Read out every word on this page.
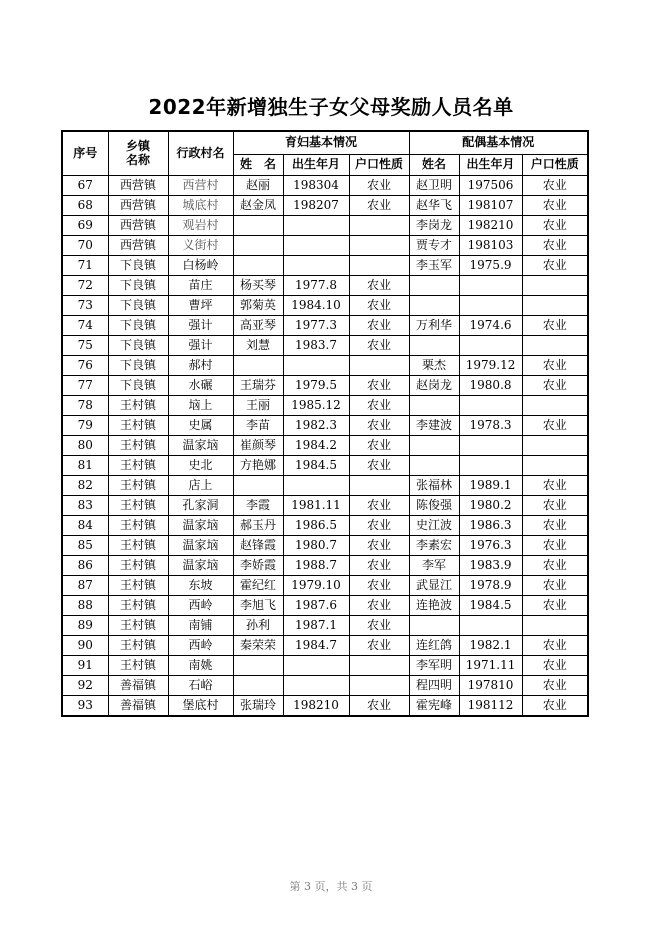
2022年新增独生子女父母奖励人员名单
序号	乡镇
名称	行政村名	育妇基本情况			配偶基本情况		
			姓　名	出生年月	户口性质	姓名	出生年月	户口性质
67	西营镇	西营村	赵丽	198304	农业	赵卫明	197506	农业
68	西营镇	城底村	赵金凤	198207	农业	赵华飞	198107	农业
69	西营镇	观岩村				李岗龙	198210	农业
70	西营镇	义街村				贾专才	198103	农业
71	下良镇	白杨岭				李玉军	1975.9	农业
72	下良镇	苗庄	杨买琴	1977.8	农业			
73	下良镇	曹坪	郭菊英	1984.10	农业			
74	下良镇	强计	高亚琴	1977.3	农业	万利华	1974.6	农业
75	下良镇	强计	刘慧	1983.7	农业			
76	下良镇	郝村				栗杰	1979.12	农业
77	下良镇	水碾	王瑞芬	1979.5	农业	赵岗龙	1980.8	农业
78	王村镇	垴上	王丽	1985.12	农业			
79	王村镇	史属	李苗	1982.3	农业	李建波	1978.3	农业
80	王村镇	温家垴	崔颜琴	1984.2	农业			
81	王村镇	史北	方艳娜	1984.5	农业			
82	王村镇	店上				张福林	1989.1	农业
83	王村镇	孔家洞	李霞	1981.11	农业	陈俊强	1980.2	农业
84	王村镇	温家垴	郝玉丹	1986.5	农业	史江波	1986.3	农业
85	王村镇	温家垴	赵锋霞	1980.7	农业	李素宏	1976.3	农业
86	王村镇	温家垴	李娇霞	1988.7	农业	李军	1983.9	农业
87	王村镇	东坡	霍纪红	1979.10	农业	武显江	1978.9	农业
88	王村镇	西岭	李旭飞	1987.6	农业	连艳波	1984.5	农业
89	王村镇	南铺	孙利	1987.1	农业			
90	王村镇	西岭	秦荣荣	1984.7	农业	连红鸽	1982.1	农业
91	王村镇	南姚				李军明	1971.11	农业
92	善福镇	石峪				程四明	197810	农业
93	善福镇	堡底村	张瑞玲	198210	农业	霍宪峰	198112	农业
第 3 页，共 3 页
